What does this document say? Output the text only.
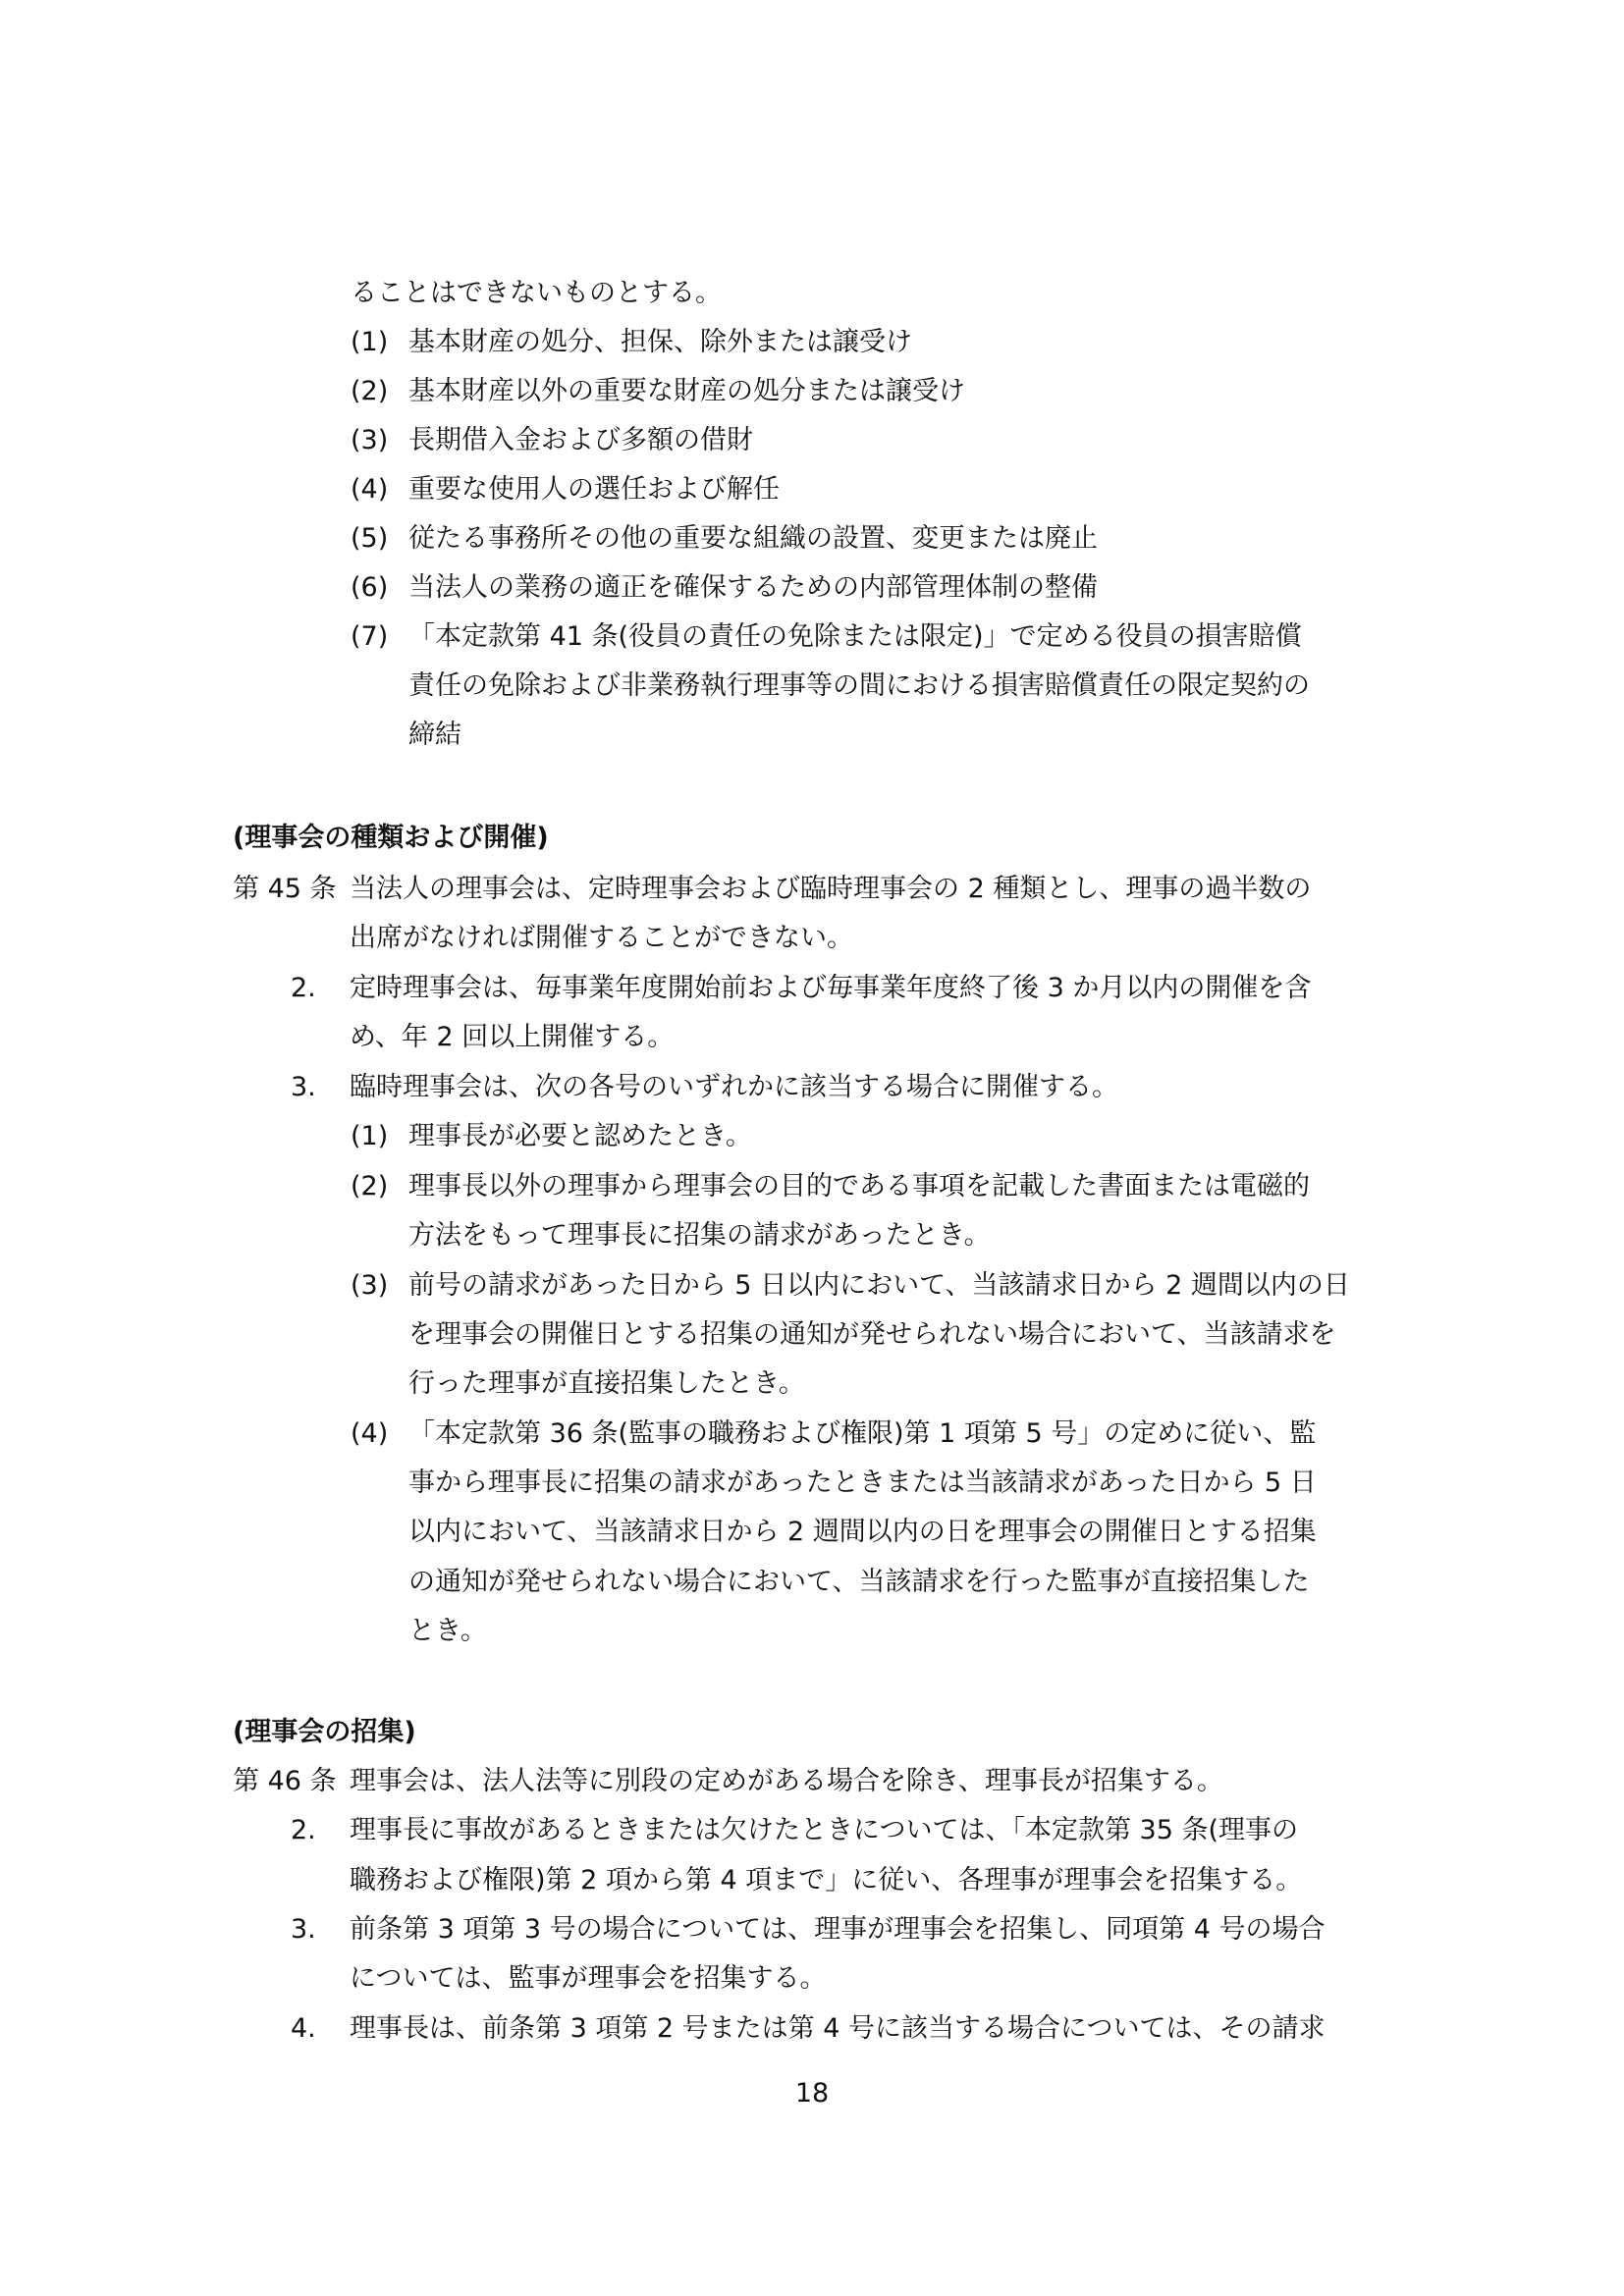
ることはできないものとする。
(1) 基本財産の処分、担保、除外または譲受け
(2) 基本財産以外の重要な財産の処分または譲受け
(3) 長期借入金および多額の借財
(4) 重要な使用人の選任および解任
(5) 従たる事務所その他の重要な組織の設置、変更または廃止
(6) 当法人の業務の適正を確保するための内部管理体制の整備
(7) 「本定款第 41 条(役員の責任の免除または限定)」で定める役員の損害賠償
責任の免除および非業務執行理事等の間における損害賠償責任の限定契約の
締結
(理事会の種類および開催)
第 45 条 当法人の理事会は、定時理事会および臨時理事会の 2 種類とし、理事の過半数の
出席がなければ開催することができない。
2. 定時理事会は、毎事業年度開始前および毎事業年度終了後 3 か月以内の開催を含
め、年 2 回以上開催する。
3. 臨時理事会は、次の各号のいずれかに該当する場合に開催する。
(1) 理事長が必要と認めたとき。
(2) 理事長以外の理事から理事会の目的である事項を記載した書面または電磁的
方法をもって理事長に招集の請求があったとき。
(3) 前号の請求があった日から 5 日以内において、当該請求日から 2 週間以内の日
を理事会の開催日とする招集の通知が発せられない場合において、当該請求を
行った理事が直接招集したとき。
(4) 「本定款第 36 条(監事の職務および権限)第 1 項第 5 号」の定めに従い、監
事から理事長に招集の請求があったときまたは当該請求があった日から 5 日
以内において、当該請求日から 2 週間以内の日を理事会の開催日とする招集
の通知が発せられない場合において、当該請求を行った監事が直接招集した
とき。
(理事会の招集)
第 46 条 理事会は、法人法等に別段の定めがある場合を除き、理事長が招集する。
2. 理事長に事故があるときまたは欠けたときについては、「本定款第 35 条(理事の
職務および権限)第 2 項から第 4 項まで」に従い、各理事が理事会を招集する。
3. 前条第 3 項第 3 号の場合については、理事が理事会を招集し、同項第 4 号の場合
については、監事が理事会を招集する。
4. 理事長は、前条第 3 項第 2 号または第 4 号に該当する場合については、その請求
18
